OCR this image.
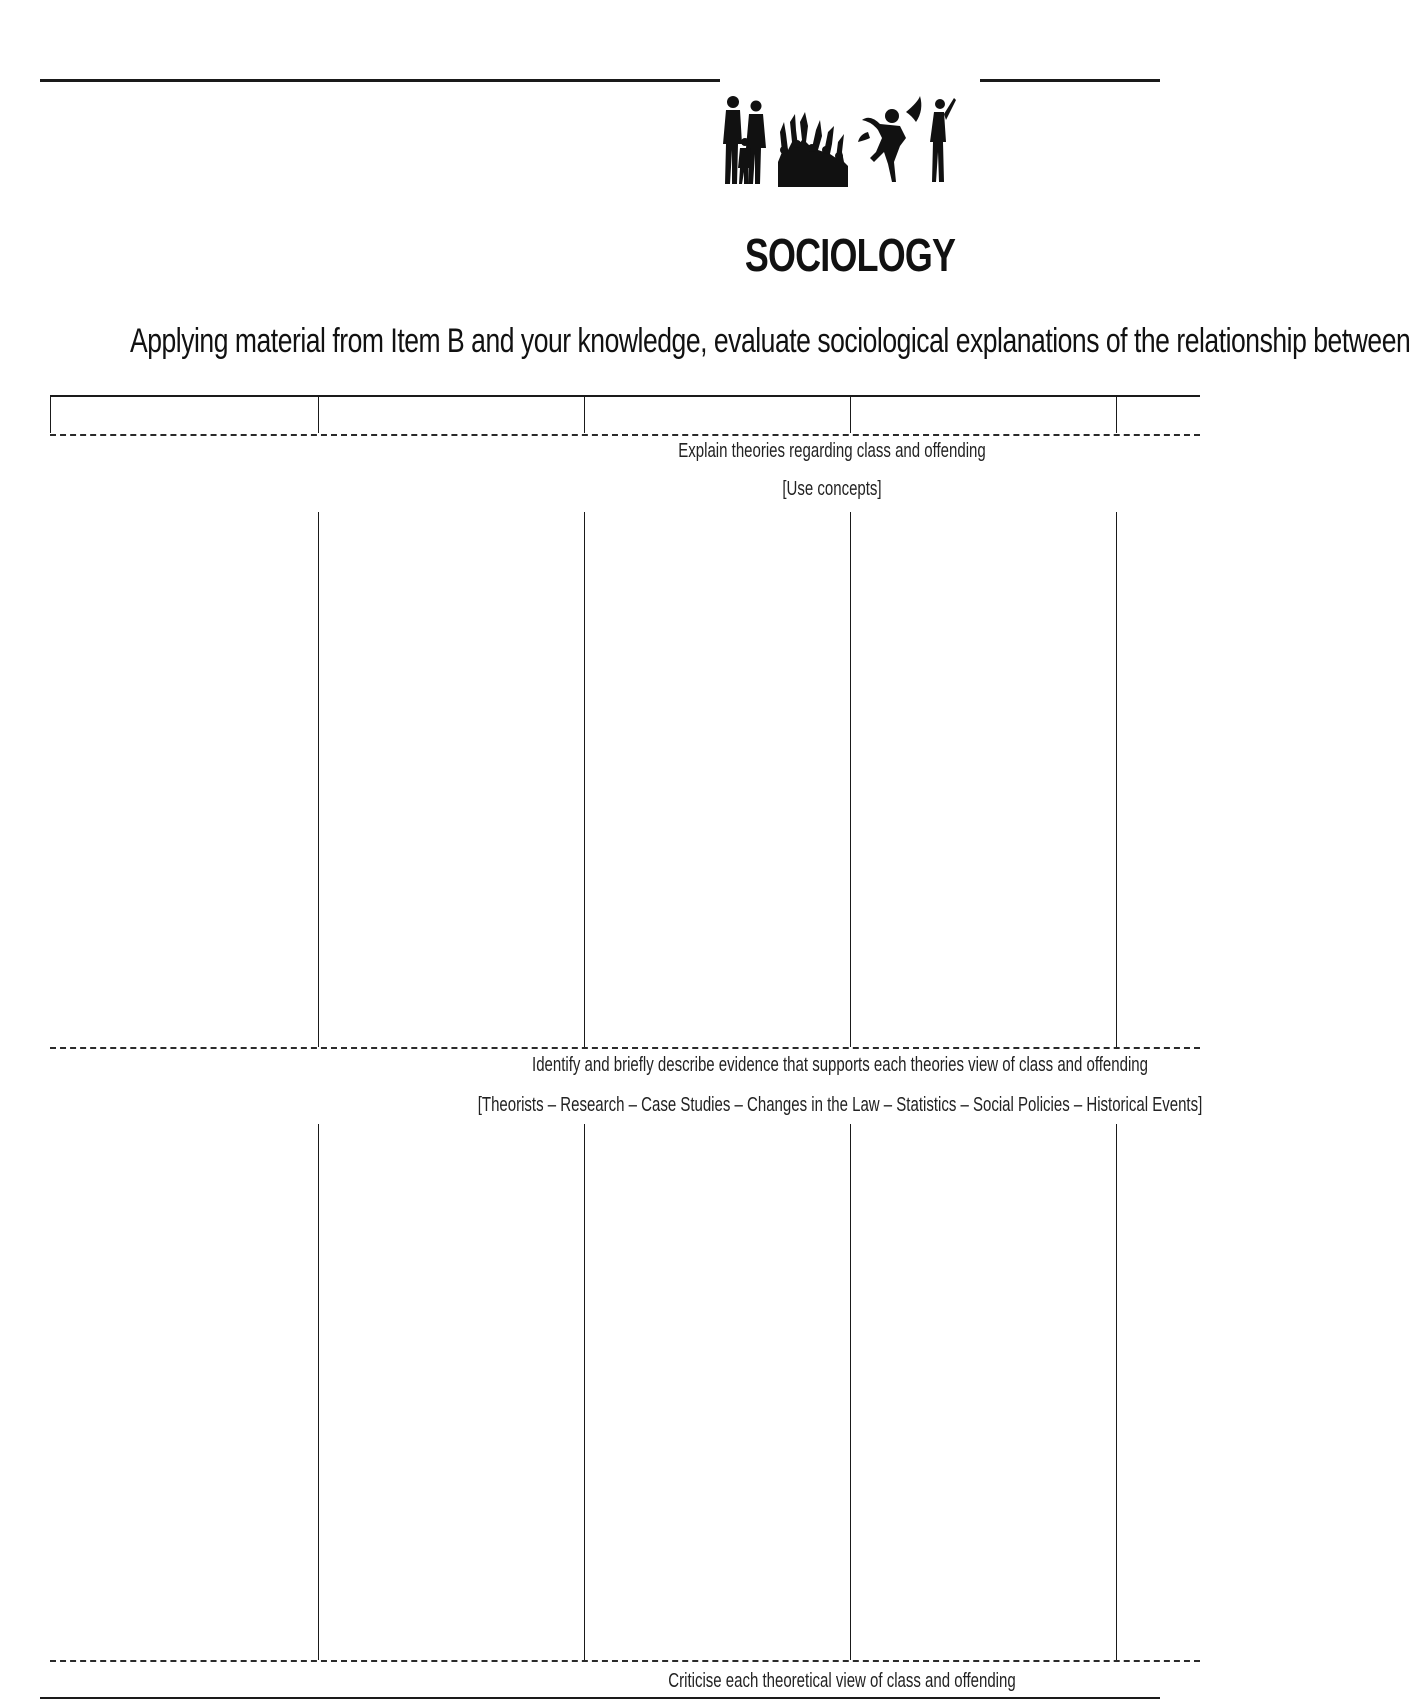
SOCIOLOGY
Applying material from Item B and your knowledge, evaluate sociological explanations of the relationship between
Explain theories regarding class and offending
[Use concepts]
Identify and briefly describe evidence that supports each theories view of class and offending
[Theorists – Research – Case Studies – Changes in the Law – Statistics – Social Policies – Historical Events]
Criticise each theoretical view of class and offending
